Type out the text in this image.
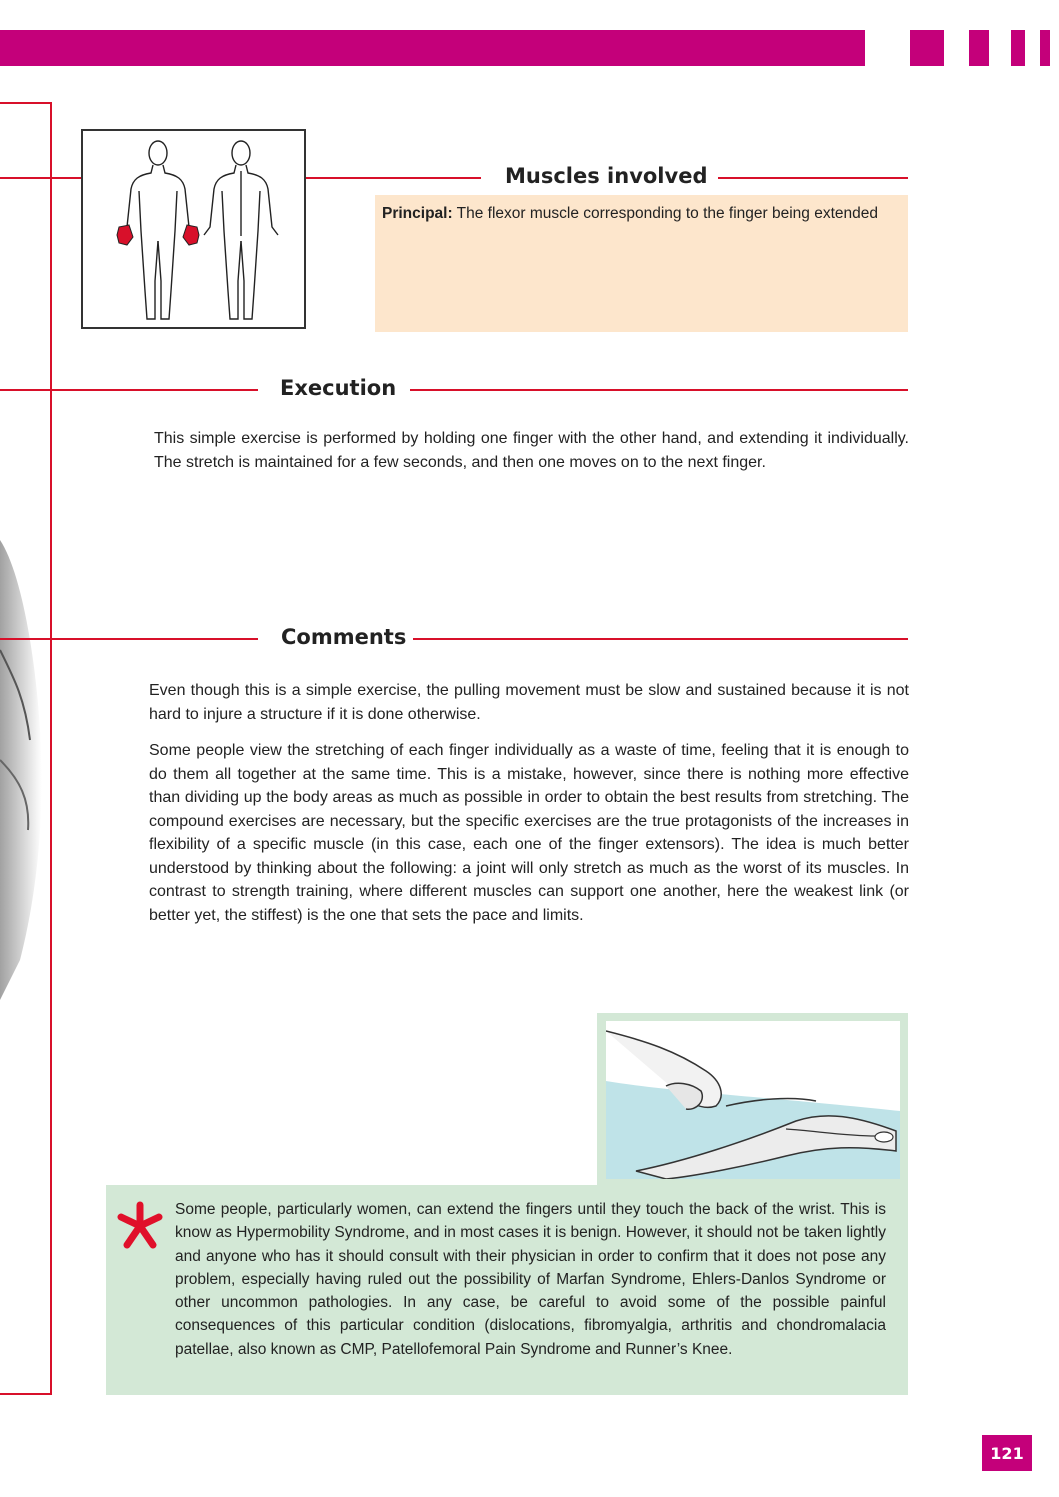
Muscles involved
Principal: The flexor muscle corresponding to the finger being extended
Execution
This simple exercise is performed by holding one finger with the other hand, and extending it individually. The stretch is maintained for a few seconds, and then one moves on to the next finger.
Comments
Even though this is a simple exercise, the pulling movement must be slow and sustained because it is not hard to injure a structure if it is done otherwise.
Some people view the stretching of each finger individually as a waste of time, feeling that it is enough to do them all together at the same time. This is a mistake, however, since there is nothing more effective than dividing up the body areas as much as possible in order to obtain the best results from stretching. The compound exercises are necessary, but the specific exercises are the true protagonists of the increases in flexibility of a specific muscle (in this case, each one of the finger extensors). The idea is much better understood by thinking about the following: a joint will only stretch as much as the worst of its muscles. In contrast to strength training, where different muscles can support one another, here the weakest link (or better yet, the stiffest) is the one that sets the pace and limits.
Some people, particularly women, can extend the fingers until they touch the back of the wrist. This is know as Hypermobility Syndrome, and in most cases it is benign. However, it should not be taken lightly and anyone who has it should consult with their physician in order to confirm that it does not pose any problem, especially having ruled out the possibility of Marfan Syndrome, Ehlers-Danlos Syndrome or other uncommon pathologies. In any case, be careful to avoid some of the possible painful consequences of this particular condition (dislocations, fibromyalgia, arthritis and chondromalacia patellae, also known as CMP, Patellofemoral Pain Syndrome and Runner’s Knee.
121
